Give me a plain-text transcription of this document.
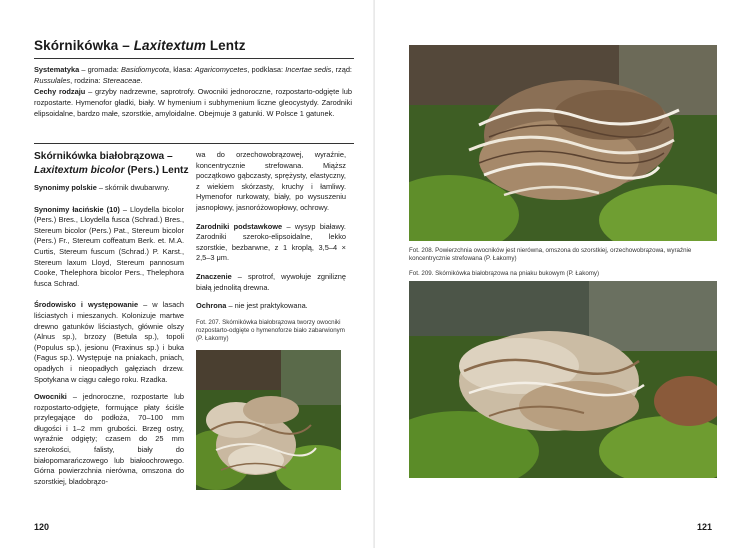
Skórnikówka – Laxitextum Lentz
Systematyka – gromada: Basidiomycota, klasa: Agaricomycetes, podklasa: Incertae sedis, rząd: Russulales, rodzina: Stereaceae.
Cechy rodzaju – grzyby nadrzewne, saprotrofy. Owocniki jednoroczne, rozpostarto-odgięte lub rozpostarte. Hymenofor gładki, biały. W hymenium i subhymenium liczne gleocystydy. Zarodniki elipsoidalne, bardzo małe, szorstkie, amyloidalne. Obejmuje 3 gatunki. W Polsce 1 gatunek.
Skórnikówka białobrązowa –
Laxitextum bicolor (Pers.) Lentz

Synonimy polskie – skórnik dwubarwny.

Synonimy łacińskie (10) – Lloydella bicolor (Pers.) Bres., Lloydella fusca (Schrad.) Bres., Stereum bicolor (Pers.) Pat., Stereum bicolor (Pers.) Fr., Stereum coffeatum Berk. et. M.A. Curtis, Stereum fuscum (Schrad.) P. Karst., Stereum laxum Lloyd, Stereum pannosum Cooke, Thelephora bicolor Pers., Thelephora fusca Schrad.

Środowisko i występowanie – w lasach liściastych i mieszanych. Kolonizuje martwe drewno gatunków liściastych, głównie olszy (Alnus sp.), brzozy (Betula sp.), topoli (Populus sp.), jesionu (Fraxinus sp.) i buka (Fagus sp.). Występuje na pniakach, pniach, opadłych i nieopadłych gałęziach drzew. Spotykana w ciągu całego roku. Rzadka.

Owocniki – jednoroczne, rozpostarte lub rozpostarto-odgięte, formujące płaty ściśle przylegające do podłoża, 70–100 mm długości i 1–2 mm grubości. Brzeg ostry, wyraźnie odgięty; czasem do 25 mm szerokości, falisty, biały do białopomarańczowego lub białoochrowego. Górna powierzchnia nierówna, omszona do szorstkiej, bladobrązo-

wa do orzechowobrązowej, wyraźnie, koncentrycznie strefowana. Miąższ początkowo gąbczasty, sprężysty, elastyczny, z wiekiem skórzasty, kruchy i łamliwy. Hymenofor rurkowaty, biały, po wysuszeniu jasnopłowy, jasnoróżowopłowy, ochrowy.

Zarodniki podstawkowe – wysyp białawy. Zarodniki szeroko-elipsoidalne, lekko szorstkie, bezbarwne, z 1 kroplą, 3,5–4 × 2,5–3 μm.

Znaczenie – sprotrof, wywołuje zgniliznę białą jednolitą drewna.

Ochrona – nie jest praktykowana.

Fot. 207. Skórnikówka białobrązowa tworzy owocniki rozpostarto-odgięte o hymenoforze biało zabarwionym (P. Łakomy)
120
Fot. 208. Powierzchnia owocników jest nierówna, omszona do szorstkiej, orzechowobrązowa, wyraźnie koncentrycznie strefowana (P. Łakomy)
Fot. 209. Skórnikówka białobrązowa na pniaku bukowym (P. Łakomy)
121
